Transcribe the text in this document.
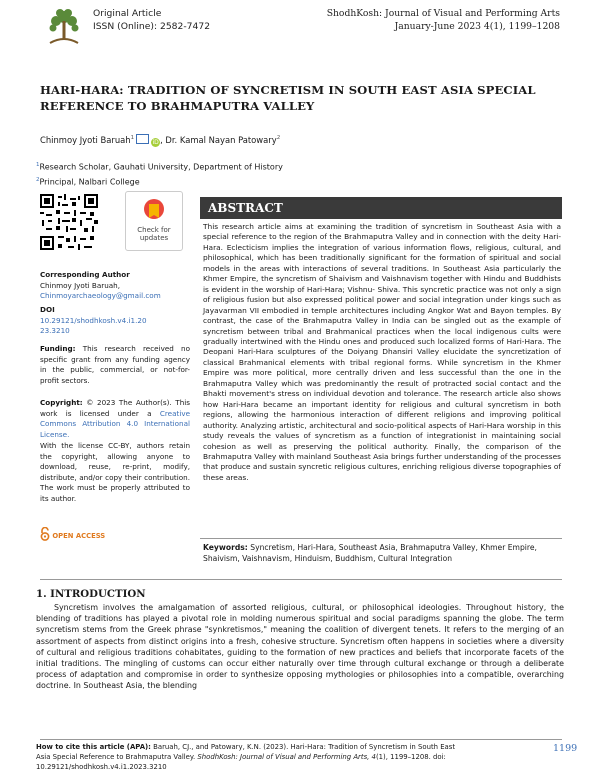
Original Article
ISSN (Online): 2582-7472
ShodhKosh: Journal of Visual and Performing Arts
January-June 2023 4(1), 1199–1208
HARI-HARA: TRADITION OF SYNCRETISM IN SOUTH EAST ASIA SPECIAL REFERENCE TO BRAHMAPUTRA VALLEY
Chinmoy Jyoti Baruah$^1$iD, Dr. Kamal Nayan Patowary$^2$
$^1$Research Scholar, Gauhati University, Department of History
$^2$Principal, Nalbari College
Check for
updates
Corresponding Author
Chinmoy Jyoti Baruah,
Chinmoyarchaeology@gmail.com
DOI
10.29121/shodhkosh.v4.i1.2023.3210
Funding: This research received no specific grant from any funding agency in the public, commercial, or not-for-profit sectors.
Copyright: © 2023 The Author(s). This work is licensed under a Creative Commons Attribution 4.0 International License.
With the license CC-BY, authors retain the copyright, allowing anyone to download, reuse, re-print, modify, distribute, and/or copy their contribution. The work must be properly attributed to its author.
OPEN ACCESS
ABSTRACT
This research article aims at examining the tradition of syncretism in Southeast Asia with a special reference to the region of the Brahmaputra Valley and in connection with the deity Hari-Hara. Eclecticism implies the integration of various information flows, religious, cultural, and philosophical, which has been traditionally significant for the formation of spiritual and social models in the areas with interactions of several traditions. In Southeast Asia particularly the Khmer Empire, the syncretism of Shaivism and Vaishnavism together with Hindu and Buddhists is evident in the worship of Hari-Hara; Vishnu- Shiva. This syncretic practice was not only a sign of religious fusion but also expressed political power and social integration under kings such as Jayavarman VII embodied in temple architectures including Angkor Wat and Bayon temples. By contrast, the case of the Brahmaputra Valley in India can be singled out as the example of syncretism between tribal and Brahmanical practices when the local indigenous cults were gradually intertwined with the Hindu ones and produced such localized forms of Hari-Hara. The Deopani Hari-Hara sculptures of the Doiyang Dhansiri Valley elucidate the syncretization of classical Brahmanical elements with tribal regional forms. While syncretism in the Khmer Empire was more political, more centrally driven and less successful than the one in the Brahmaputra Valley which was predominantly the result of protracted social contact and the Bhakti movement's stress on individual devotion and tolerance. The research article also shows how Hari-Hara became an important identity for religious and cultural syncretism in both regions, allowing the harmonious interaction of different religions and improving political authority. Analyzing artistic, architectural and socio-political aspects of Hari-Hara worship in this study reveals the values of syncretism as a function of integrationist in maintaining social cohesion as well as preserving the political authority. Finally, the comparison of the Brahmaputra Valley with mainland Southeast Asia brings further understanding of the processes that produce and sustain syncretic religious cultures, enriching religious diverse topographies of these areas.
Keywords: Syncretism, Hari-Hara, Southeast Asia, Brahmaputra Valley, Khmer Empire, Shaivism, Vaishnavism, Hinduism, Buddhism, Cultural Integration
1. INTRODUCTION
Syncretism involves the amalgamation of assorted religious, cultural, or philosophical ideologies. Throughout history, the blending of traditions has played a pivotal role in molding numerous spiritual and social paradigms spanning the globe. The term syncretism stems from the Greek phrase "synkretismos," meaning the coalition of divergent tenets. It refers to the merging of an assortment of aspects from distinct origins into a fresh, cohesive structure. Syncretism often happens in societies where a diversity of cultural and religious traditions cohabitates, guiding to the formation of new practices and beliefs that incorporate facets of the initial traditions. The mingling of customs can occur either naturally over time through cultural exchange or through a deliberate process of adaptation and compromise in order to synthesize opposing mythologies or philosophies into a compatible, overarching doctrine. In Southeast Asia, the blending
How to cite this article (APA): Baruah, CJ., and Patowary, K.N. (2023). Hari-Hara: Tradition of Syncretism in South East Asia Special Reference to Brahmaputra Valley. ShodhKosh: Journal of Visual and Performing Arts, 4(1), 1199–1208. doi: 10.29121/shodhkosh.v4.i1.2023.3210
1199
